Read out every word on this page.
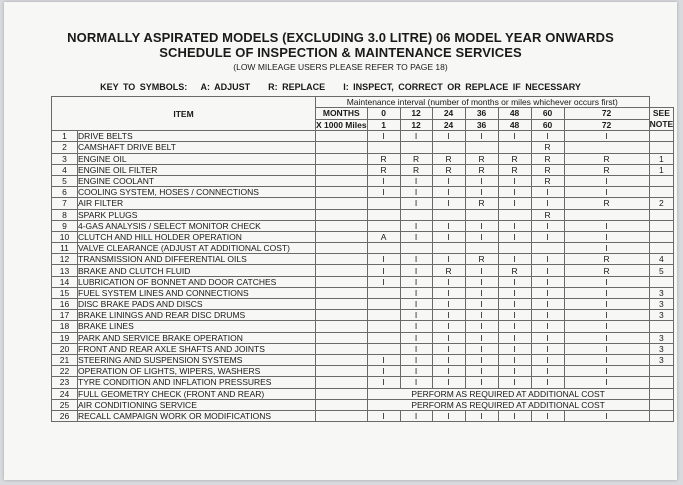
NORMALLY ASPIRATED MODELS (EXCLUDING 3.0 LITRE) 06 MODEL YEAR ONWARDS
SCHEDULE OF INSPECTION & MAINTENANCE SERVICES
(LOW MILEAGE USERS PLEASE REFER TO PAGE 18)
KEY TO SYMBOLS: A: ADJUST R: REPLACE I: INSPECT, CORRECT OR REPLACE IF NECESSARY
ITEM		Maintenance interval (number of months or miles whichever occurs first)								
		MONTHS	0	12	24	36	48	60	72	SEE
NOTE
		X 1000 Miles	1	12	24	36	48	60	72	
1	DRIVE BELTS		I	I	I	I	I	I	I	
2	CAMSHAFT DRIVE BELT							R		
3	ENGINE OIL		R	R	R	R	R	R	R	1
4	ENGINE OIL FILTER		R	R	R	R	R	R	R	1
5	ENGINE COOLANT		I	I	I	I	I	R	I	
6	COOLING SYSTEM, HOSES / CONNECTIONS		I	I	I	I	I	I	I	
7	AIR FILTER			I	I	R	I	I	R	2
8	SPARK PLUGS							R		
9	4-GAS ANALYSIS / SELECT MONITOR CHECK			I	I	I	I	I	I	
10	CLUTCH AND HILL HOLDER OPERATION		A	I	I	I	I	I	I	
11	VALVE CLEARANCE (ADJUST AT ADDITIONAL COST)								I	
12	TRANSMISSION AND DIFFERENTIAL OILS		I	I	I	R	I	I	R	4
13	BRAKE AND CLUTCH FLUID		I	I	R	I	R	I	R	5
14	LUBRICATION OF BONNET AND DOOR CATCHES		I	I	I	I	I	I	I	
15	FUEL SYSTEM LINES AND CONNECTIONS			I	I	I	I	I	I	3
16	DISC BRAKE PADS AND DISCS			I	I	I	I	I	I	3
17	BRAKE LININGS AND REAR DISC DRUMS			I	I	I	I	I	I	3
18	BRAKE LINES			I	I	I	I	I	I	
19	PARK AND SERVICE BRAKE OPERATION			I	I	I	I	I	I	3
20	FRONT AND REAR AXLE SHAFTS AND JOINTS			I	I	I	I	I	I	3
21	STEERING AND SUSPENSION SYSTEMS		I	I	I	I	I	I	I	3
22	OPERATION OF LIGHTS, WIPERS, WASHERS		I	I	I	I	I	I	I	
23	TYRE CONDITION AND INFLATION PRESSURES		I	I	I	I	I	I	I	
24	FULL GEOMETRY CHECK (FRONT AND REAR)		PERFORM AS REQUIRED AT ADDITIONAL COST							
25	AIR CONDITIONING SERVICE		PERFORM AS REQUIRED AT ADDITIONAL COST							
26	RECALL CAMPAIGN WORK OR MODIFICATIONS		I	I	I	I	I	I	I	
